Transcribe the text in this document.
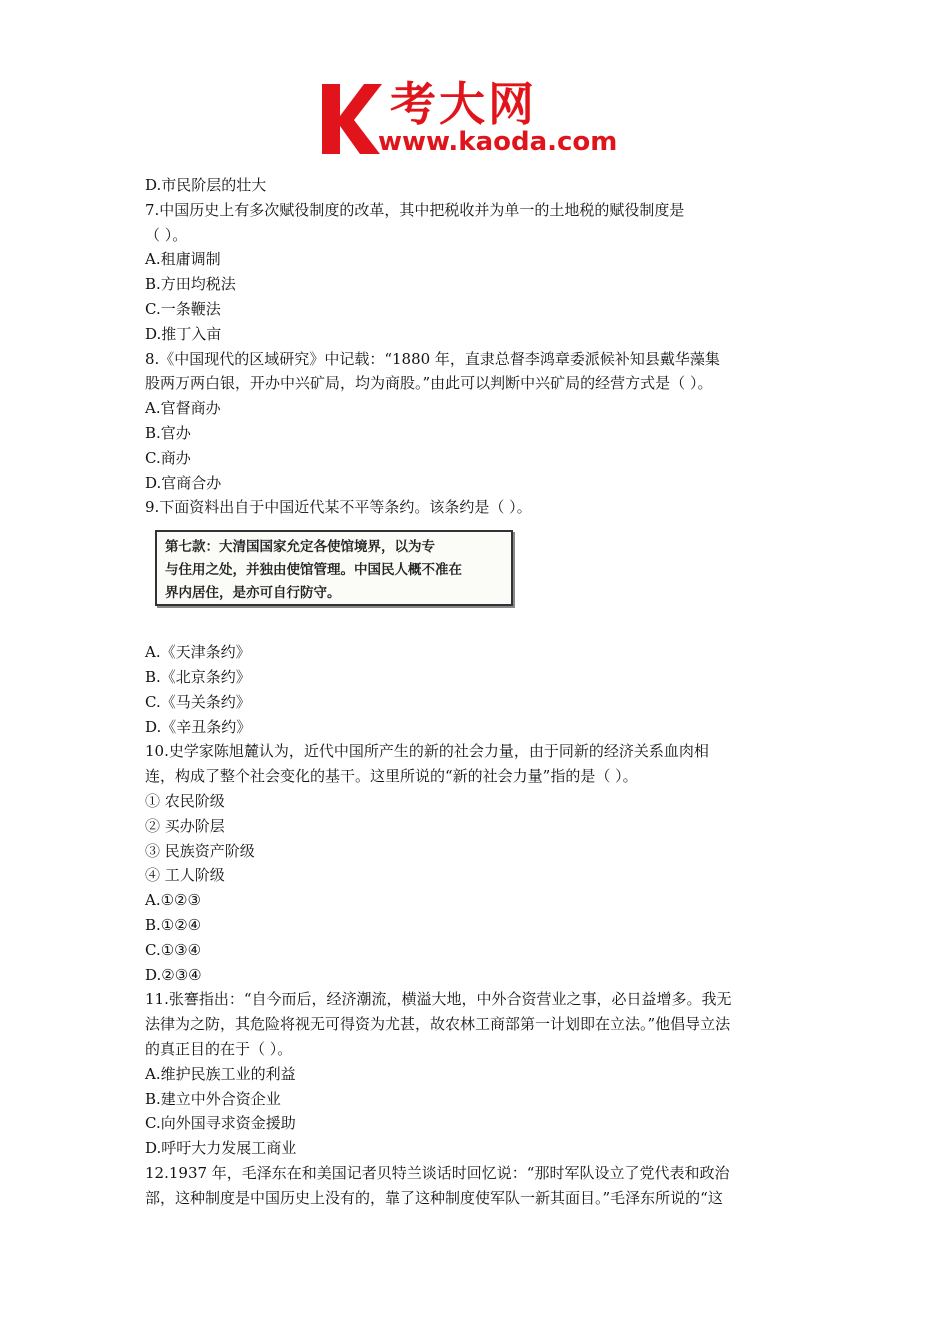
考大网
www.kaoda.com
D.市民阶层的壮大
7.中国历史上有多次赋役制度的改革，其中把税收并为单一的土地税的赋役制度是
（ ）。
A.租庸调制
B.方田均税法
C.一条鞭法
D.推丁入亩
8.《中国现代的区域研究》中记载：“1880 年，直隶总督李鸿章委派候补知县戴华藻集
股两万两白银，开办中兴矿局，均为商股。”由此可以判断中兴矿局的经营方式是（ ）。
A.官督商办
B.官办
C.商办
D.官商合办
9.下面资料出自于中国近代某不平等条约。该条约是（ ）。
第七款：大清国国家允定各使馆境界，以为专
与住用之处，并独由使馆管理。中国民人概不准在
界内居住，是亦可自行防守。
A.《天津条约》
B.《北京条约》
C.《马关条约》
D.《辛丑条约》
10.史学家陈旭麓认为，近代中国所产生的新的社会力量，由于同新的经济关系血肉相
连，构成了整个社会变化的基干。这里所说的“新的社会力量”指的是（ ）。
① 农民阶级
② 买办阶层
③ 民族资产阶级
④ 工人阶级
A.①②③
B.①②④
C.①③④
D.②③④
11.张謇指出：“自今而后，经济潮流，横溢大地，中外合资营业之事，必日益增多。我无
法律为之防，其危险将视无可得资为尤甚，故农林工商部第一计划即在立法。”他倡导立法
的真正目的在于（ ）。
A.维护民族工业的利益
B.建立中外合资企业
C.向外国寻求资金援助
D.呼吁大力发展工商业
12.1937 年，毛泽东在和美国记者贝特兰谈话时回忆说：“那时军队设立了党代表和政治
部，这种制度是中国历史上没有的，靠了这种制度使军队一新其面目。”毛泽东所说的“这
